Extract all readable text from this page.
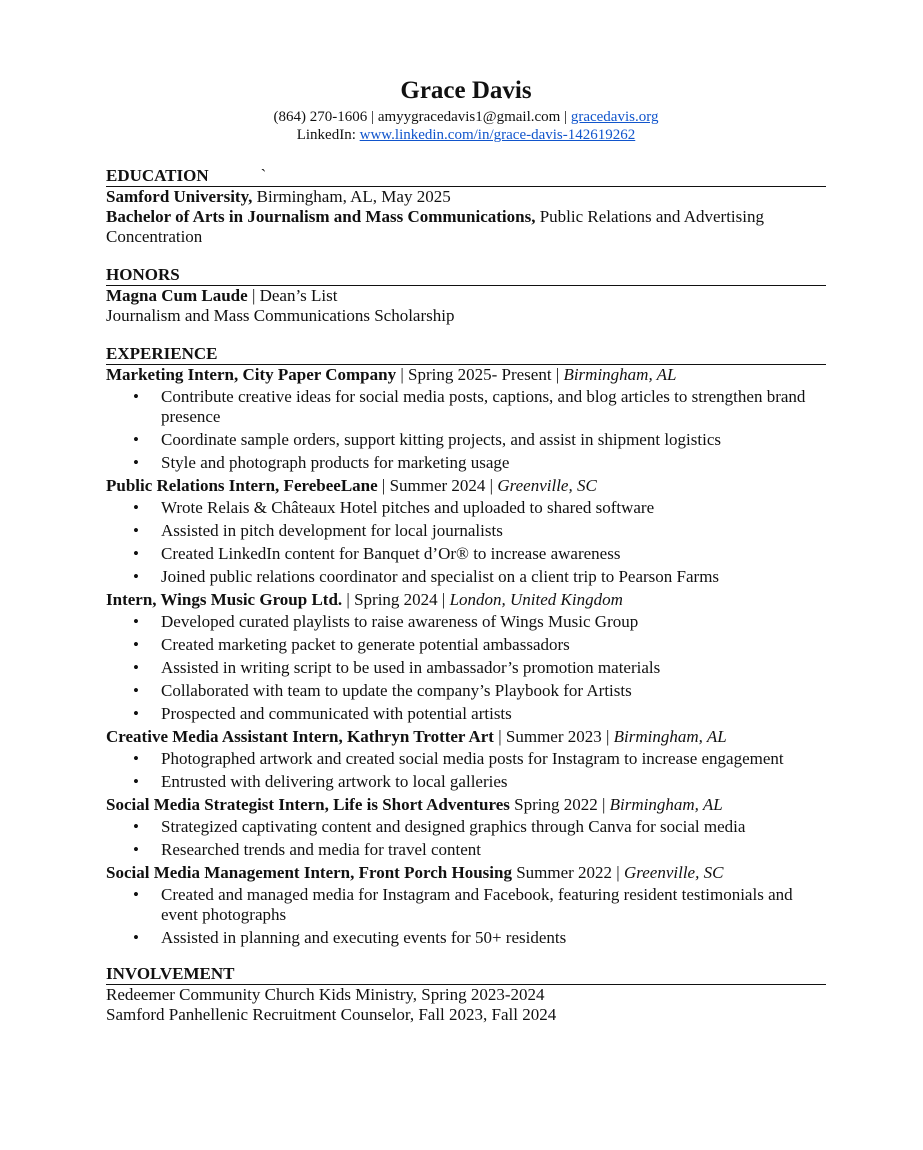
Grace Davis
(864) 270-1606 | amyygracedavis1@gmail.com | gracedavis.org
LinkedIn: www.linkedin.com/in/grace-davis-142619262
EDUCATION	`
Samford University, Birmingham, AL, May 2025
Bachelor of Arts in Journalism and Mass Communications, Public Relations and Advertising Concentration
HONORS
Magna Cum Laude | Dean’s List
Journalism and Mass Communications Scholarship
EXPERIENCE
Marketing Intern, City Paper Company | Spring 2025- Present | Birmingham, AL
• Contribute creative ideas for social media posts, captions, and blog articles to strengthen brand presence
• Coordinate sample orders, support kitting projects, and assist in shipment logistics
• Style and photograph products for marketing usage
Public Relations Intern, FerebeeLane | Summer 2024 | Greenville, SC
• Wrote Relais & Châteaux Hotel pitches and uploaded to shared software
• Assisted in pitch development for local journalists
• Created LinkedIn content for Banquet d’Or® to increase awareness
• Joined public relations coordinator and specialist on a client trip to Pearson Farms
Intern, Wings Music Group Ltd. | Spring 2024 | London, United Kingdom
• Developed curated playlists to raise awareness of Wings Music Group
• Created marketing packet to generate potential ambassadors
• Assisted in writing script to be used in ambassador’s promotion materials
• Collaborated with team to update the company’s Playbook for Artists
• Prospected and communicated with potential artists
Creative Media Assistant Intern, Kathryn Trotter Art | Summer 2023 | Birmingham, AL
• Photographed artwork and created social media posts for Instagram to increase engagement
• Entrusted with delivering artwork to local galleries
Social Media Strategist Intern, Life is Short Adventures Spring 2022 | Birmingham, AL
• Strategized captivating content and designed graphics through Canva for social media
• Researched trends and media for travel content
Social Media Management Intern, Front Porch Housing Summer 2022 | Greenville, SC
• Created and managed media for Instagram and Facebook, featuring resident testimonials and event photographs
• Assisted in planning and executing events for 50+ residents
INVOLVEMENT
Redeemer Community Church Kids Ministry, Spring 2023-2024
Samford Panhellenic Recruitment Counselor, Fall 2023, Fall 2024
